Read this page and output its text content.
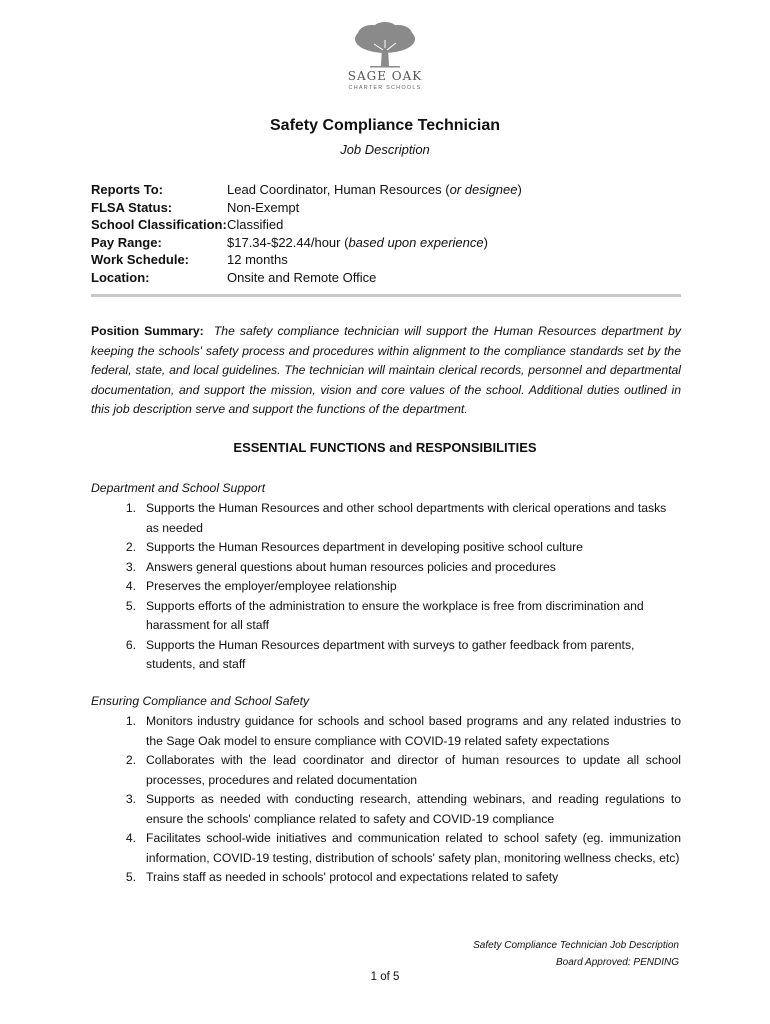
SAGE OAK
CHARTER SCHOOLS
Safety Compliance Technician
Job Description
Reports To:	Lead Coordinator, Human Resources (or designee)
FLSA Status:	Non-Exempt
School Classification: Classified
Pay Range:	$17.34-$22.44/hour (based upon experience)
Work Schedule:	12 months
Location:	Onsite and Remote Office
Position Summary: The safety compliance technician will support the Human Resources department by keeping the schools' safety process and procedures within alignment to the compliance standards set by the federal, state, and local guidelines. The technician will maintain clerical records, personnel and departmental documentation, and support the mission, vision and core values of the school. Additional duties outlined in this job description serve and support the functions of the department.
ESSENTIAL FUNCTIONS and RESPONSIBILITIES
Department and School Support
1. Supports the Human Resources and other school departments with clerical operations and tasks as needed
2. Supports the Human Resources department in developing positive school culture
3. Answers general questions about human resources policies and procedures
4. Preserves the employer/employee relationship
5. Supports efforts of the administration to ensure the workplace is free from discrimination and harassment for all staff
6. Supports the Human Resources department with surveys to gather feedback from parents, students, and staff
Ensuring Compliance and School Safety
1. Monitors industry guidance for schools and school based programs and any related industries to the Sage Oak model to ensure compliance with COVID-19 related safety expectations
2. Collaborates with the lead coordinator and director of human resources to update all school processes, procedures and related documentation
3. Supports as needed with conducting research, attending webinars, and reading regulations to ensure the schools' compliance related to safety and COVID-19 compliance
4. Facilitates school-wide initiatives and communication related to school safety (eg. immunization information, COVID-19 testing, distribution of schools' safety plan, monitoring wellness checks, etc)
5. Trains staff as needed in schools' protocol and expectations related to safety
Safety Compliance Technician Job Description
Board Approved: PENDING
1 of 5
